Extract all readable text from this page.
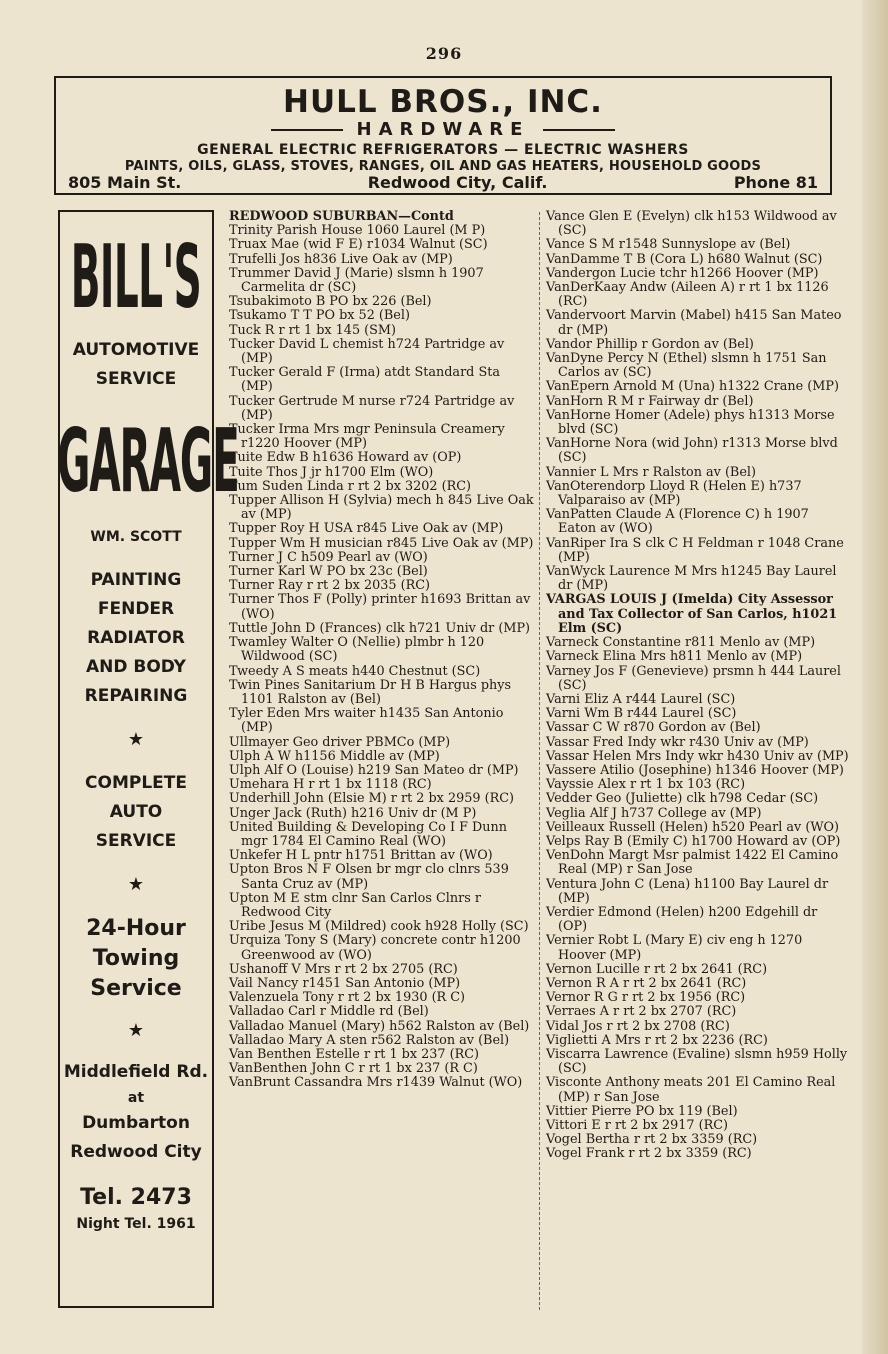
296
HULL BROS., INC.
HARDWARE
GENERAL ELECTRIC REFRIGERATORS — ELECTRIC WASHERS
PAINTS, OILS, GLASS, STOVES, RANGES, OIL AND GAS HEATERS, HOUSEHOLD GOODS
805 Main St.	Redwood City, Calif.	Phone 81
BILL'S
AUTOMOTIVE
SERVICE
GARAGE
WM. SCOTT
PAINTING
FENDER
RADIATOR
AND BODY
REPAIRING
★
COMPLETE
AUTO
SERVICE
★
24-Hour
Towing
Service
★
Middlefield Rd.
at
Dumbarton
Redwood City
Tel. 2473
Night Tel. 1961

REDWOOD SUBURBAN—Contd

Trinity Parish House 1060 Laurel (M P)

Truax Mae (wid F E) r1034 Walnut (SC)

Trufelli Jos h836 Live Oak av (MP)

Trummer David J (Marie) slsmn h 1907 Carmelita dr (SC)

Tsubakimoto B PO bx 226 (Bel)

Tsukamo T T PO bx 52 (Bel)

Tuck R r rt 1 bx 145 (SM)

Tucker David L chemist h724 Partridge av (MP)

Tucker Gerald F (Irma) atdt Standard Sta (MP)

Tucker Gertrude M nurse r724 Partridge av (MP)

Tucker Irma Mrs mgr Peninsula Creamery r1220 Hoover (MP)

Tuite Edw B h1636 Howard av (OP)

Tuite Thos J jr h1700 Elm (WO)

Tum Suden Linda r rt 2 bx 3202 (RC)

Tupper Allison H (Sylvia) mech h 845 Live Oak av (MP)

Tupper Roy H USA r845 Live Oak av (MP)

Tupper Wm H musician r845 Live Oak av (MP)

Turner J C h509 Pearl av (WO)

Turner Karl W PO bx 23c (Bel)

Turner Ray r rt 2 bx 2035 (RC)

Turner Thos F (Polly) printer h1693 Brittan av (WO)

Tuttle John D (Frances) clk h721 Univ dr (MP)

Twamley Walter O (Nellie) plmbr h 120 Wildwood (SC)

Tweedy A S meats h440 Chestnut (SC)

Twin Pines Sanitarium Dr H B Hargus phys 1101 Ralston av (Bel)

Tyler Eden Mrs waiter h1435 San Antonio (MP)

Ullmayer Geo driver PBMCo (MP)

Ulph A W h1156 Middle av (MP)

Ulph Alf O (Louise) h219 San Mateo dr (MP)

Umehara H r rt 1 bx 1118 (RC)

Underhill John (Elsie M) r rt 2 bx 2959 (RC)

Unger Jack (Ruth) h216 Univ dr (M P)

United Building & Developing Co I F Dunn mgr 1784 El Camino Real (WO)

Unkefer H L pntr h1751 Brittan av (WO)

Upton Bros N F Olsen br mgr clo clnrs 539 Santa Cruz av (MP)

Upton M E stm clnr San Carlos Clnrs r Redwood City

Uribe Jesus M (Mildred) cook h928 Holly (SC)

Urquiza Tony S (Mary) concrete contr h1200 Greenwood av (WO)

Ushanoff V Mrs r rt 2 bx 2705 (RC)

Vail Nancy r1451 San Antonio (MP)

Valenzuela Tony r rt 2 bx 1930 (R C)

Valladao Carl r Middle rd (Bel)

Valladao Manuel (Mary) h562 Ralston av (Bel)

Valladao Mary A sten r562 Ralston av (Bel)

Van Benthen Estelle r rt 1 bx 237 (RC)

VanBenthen John C r rt 1 bx 237 (R C)

VanBrunt Cassandra Mrs r1439 Walnut (WO)

Vance Glen E (Evelyn) clk h153 Wildwood av (SC)

Vance S M r1548 Sunnyslope av (Bel)

VanDamme T B (Cora L) h680 Walnut (SC)

Vandergon Lucie tchr h1266 Hoover (MP)

VanDerKaay Andw (Aileen A) r rt 1 bx 1126 (RC)

Vandervoort Marvin (Mabel) h415 San Mateo dr (MP)

Vandor Phillip r Gordon av (Bel)

VanDyne Percy N (Ethel) slsmn h 1751 San Carlos av (SC)

VanEpern Arnold M (Una) h1322 Crane (MP)

VanHorn R M r Fairway dr (Bel)

VanHorne Homer (Adele) phys h1313 Morse blvd (SC)

VanHorne Nora (wid John) r1313 Morse blvd (SC)

Vannier L Mrs r Ralston av (Bel)

VanOterendorp Lloyd R (Helen E) h737 Valparaiso av (MP)

VanPatten Claude A (Florence C) h 1907 Eaton av (WO)

VanRiper Ira S clk C H Feldman r 1048 Crane (MP)

VanWyck Laurence M Mrs h1245 Bay Laurel dr (MP)

VARGAS LOUIS J (Imelda) City Assessor and Tax Collector of San Carlos, h1021 Elm (SC)

Varneck Constantine r811 Menlo av (MP)

Varneck Elina Mrs h811 Menlo av (MP)

Varney Jos F (Genevieve) prsmn h 444 Laurel (SC)

Varni Eliz A r444 Laurel (SC)

Varni Wm B r444 Laurel (SC)

Vassar C W r870 Gordon av (Bel)

Vassar Fred Indy wkr r430 Univ av (MP)

Vassar Helen Mrs Indy wkr h430 Univ av (MP)

Vassere Atilio (Josephine) h1346 Hoover (MP)

Vayssie Alex r rt 1 bx 103 (RC)

Vedder Geo (Juliette) clk h798 Cedar (SC)

Veglia Alf J h737 College av (MP)

Veilleaux Russell (Helen) h520 Pearl av (WO)

Velps Ray B (Emily C) h1700 Howard av (OP)

VenDohn Margt Msr palmist 1422 El Camino Real (MP) r San Jose

Ventura John C (Lena) h1100 Bay Laurel dr (MP)

Verdier Edmond (Helen) h200 Edgehill dr (OP)

Vernier Robt L (Mary E) civ eng h 1270 Hoover (MP)

Vernon Lucille r rt 2 bx 2641 (RC)

Vernon R A r rt 2 bx 2641 (RC)

Vernor R G r rt 2 bx 1956 (RC)

Verraes A r rt 2 bx 2707 (RC)

Vidal Jos r rt 2 bx 2708 (RC)

Viglietti A Mrs r rt 2 bx 2236 (RC)

Viscarra Lawrence (Evaline) slsmn h959 Holly (SC)

Visconte Anthony meats 201 El Camino Real (MP) r San Jose

Vittier Pierre PO bx 119 (Bel)

Vittori E r rt 2 bx 2917 (RC)

Vogel Bertha r rt 2 bx 3359 (RC)

Vogel Frank r rt 2 bx 3359 (RC)
